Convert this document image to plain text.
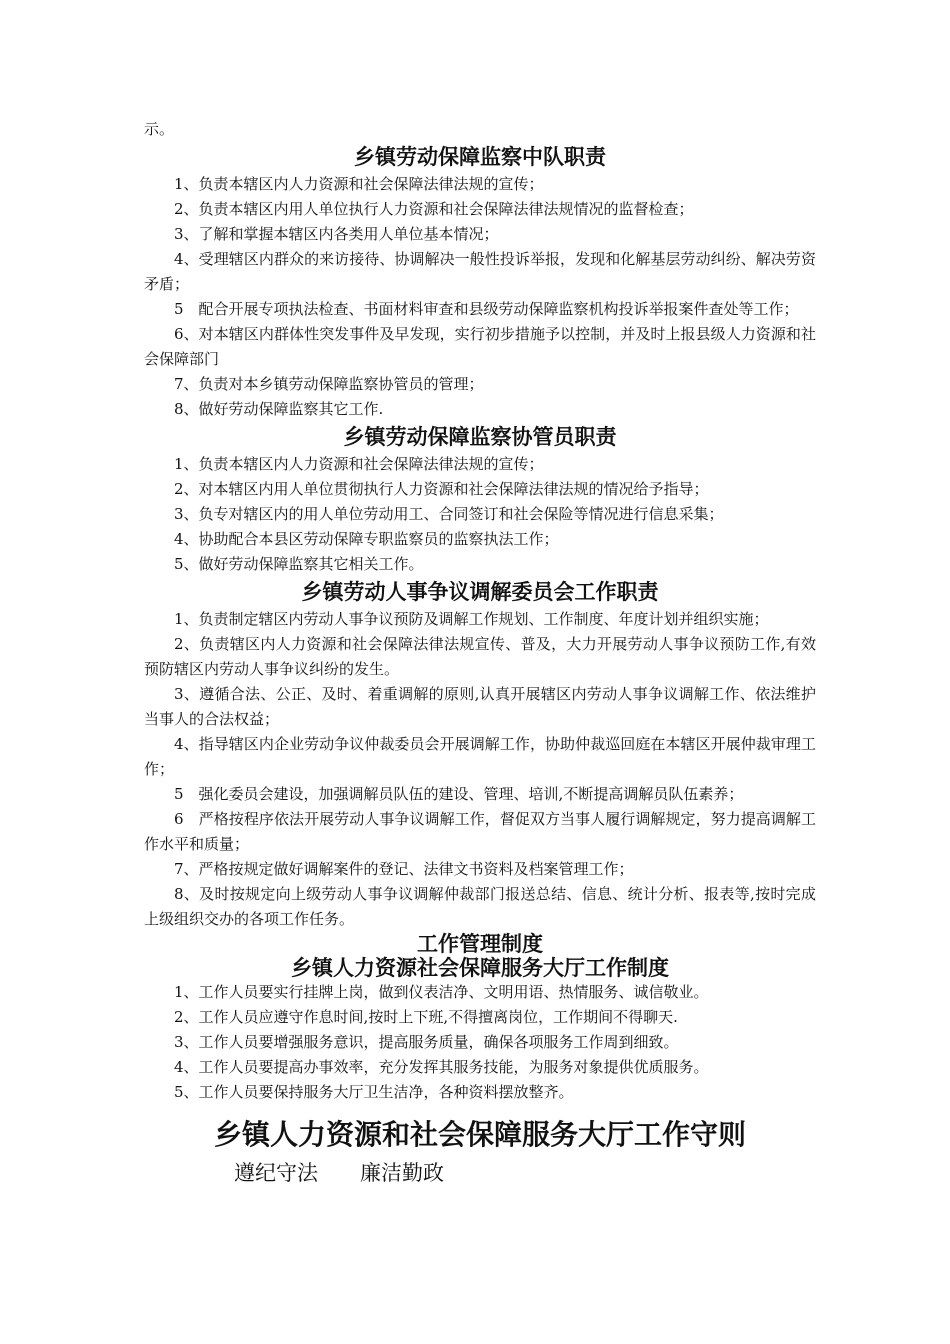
示。
乡镇劳动保障监察中队职责
1、负责本辖区内人力资源和社会保障法律法规的宣传；
2、负责本辖区内用人单位执行人力资源和社会保障法律法规情况的监督检查；
3、了解和掌握本辖区内各类用人单位基本情况；
4、受理辖区内群众的来访接待、协调解决一般性投诉举报，发现和化解基层劳动纠纷、解决劳资矛盾；
5　配合开展专项执法检查、书面材料审查和县级劳动保障监察机构投诉举报案件查处等工作；
6、对本辖区内群体性突发事件及早发现，实行初步措施予以控制，并及时上报县级人力资源和社会保障部门
7、负责对本乡镇劳动保障监察协管员的管理；
8、做好劳动保障监察其它工作.
乡镇劳动保障监察协管员职责
1、负责本辖区内人力资源和社会保障法律法规的宣传；
2、对本辖区内用人单位贯彻执行人力资源和社会保障法律法规的情况给予指导；
3、负专对辖区内的用人单位劳动用工、合同签订和社会保险等情况进行信息采集；
4、协助配合本县区劳动保障专职监察员的监察执法工作；
5、做好劳动保障监察其它相关工作。
乡镇劳动人事争议调解委员会工作职责
1、负责制定辖区内劳动人事争议预防及调解工作规划、工作制度、年度计划并组织实施；
2、负责辖区内人力资源和社会保障法律法规宣传、普及，大力开展劳动人事争议预防工作,有效预防辖区内劳动人事争议纠纷的发生。
3、遵循合法、公正、及时、着重调解的原则,认真开展辖区内劳动人事争议调解工作、依法维护当事人的合法权益；
4、指导辖区内企业劳动争议仲裁委员会开展调解工作，协助仲裁巡回庭在本辖区开展仲裁审理工作；
5　强化委员会建设，加强调解员队伍的建设、管理、培训,不断提高调解员队伍素养；
6　严格按程序依法开展劳动人事争议调解工作，督促双方当事人履行调解规定，努力提高调解工作水平和质量；
7、严格按规定做好调解案件的登记、法律文书资料及档案管理工作；
8、及时按规定向上级劳动人事争议调解仲裁部门报送总结、信息、统计分析、报表等,按时完成上级组织交办的各项工作任务。
工作管理制度
乡镇人力资源社会保障服务大厅工作制度
1、工作人员要实行挂牌上岗，做到仪表洁净、文明用语、热情服务、诚信敬业。
2、工作人员应遵守作息时间,按时上下班,不得擅离岗位，工作期间不得聊天.
3、工作人员要增强服务意识，提高服务质量，确保各项服务工作周到细致。
4、工作人员要提高办事效率，充分发挥其服务技能，为服务对象提供优质服务。
5、工作人员要保持服务大厅卫生洁净，各种资料摆放整齐。
乡镇人力资源和社会保障服务大厅工作守则
遵纪守法　　廉洁勤政
